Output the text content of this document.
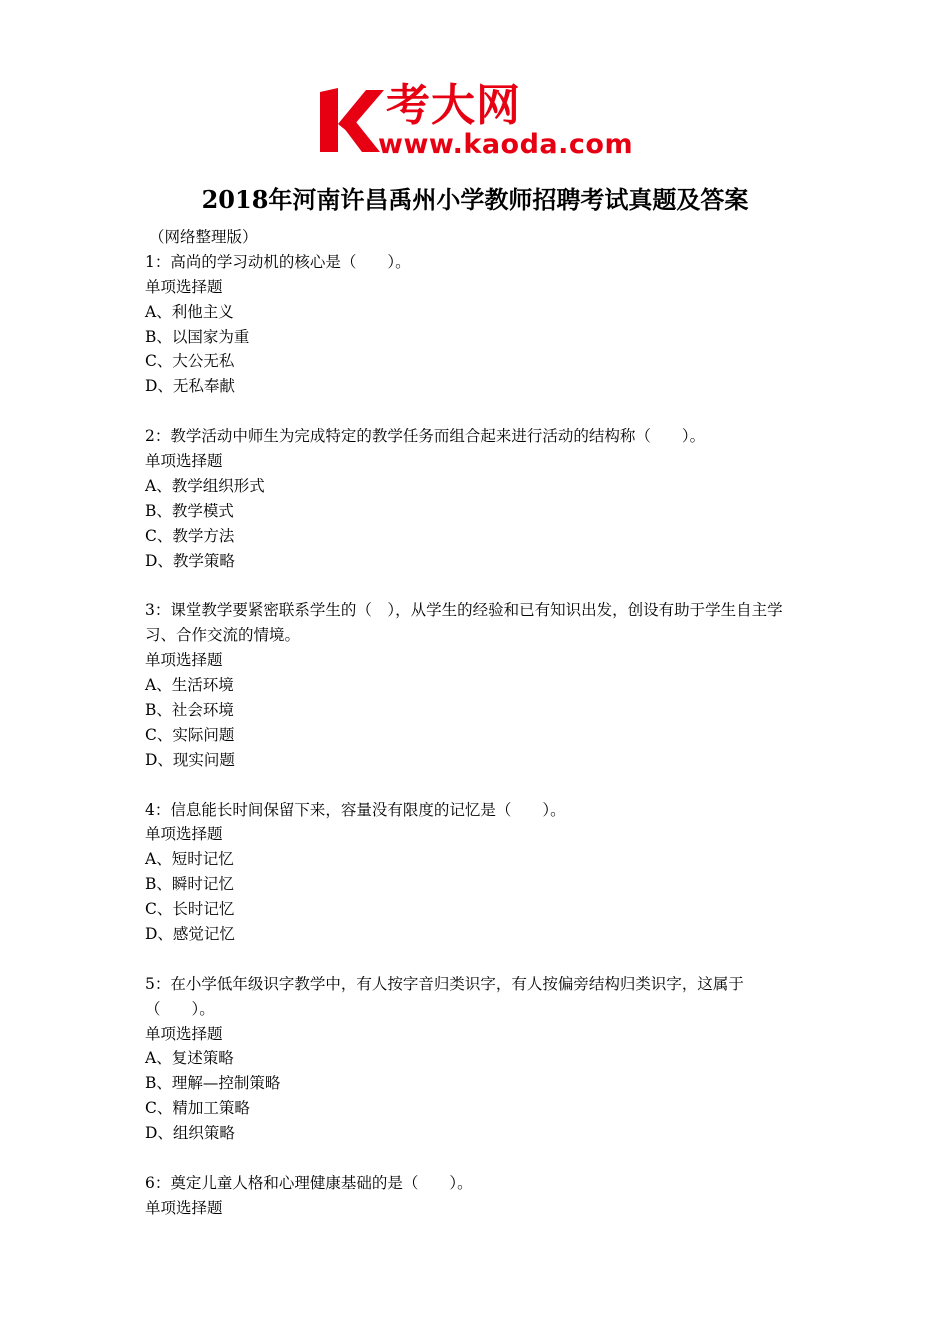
考大网
www.kaoda.com
2018年河南许昌禹州小学教师招聘考试真题及答案
（网络整理版）
1：高尚的学习动机的核心是（　　）。
单项选择题
A、利他主义
B、以国家为重
C、大公无私
D、无私奉献
2：教学活动中师生为完成特定的教学任务而组合起来进行活动的结构称（　　）。
单项选择题
A、教学组织形式
B、教学模式
C、教学方法
D、教学策略
3：课堂教学要紧密联系学生的（　），从学生的经验和已有知识出发，创设有助于学生自主学习、合作交流的情境。
单项选择题
A、生活环境
B、社会环境
C、实际问题
D、现实问题
4：信息能长时间保留下来，容量没有限度的记忆是（　　）。
单项选择题
A、短时记忆
B、瞬时记忆
C、长时记忆
D、感觉记忆
5：在小学低年级识字教学中，有人按字音归类识字，有人按偏旁结构归类识字，这属于（　　）。
单项选择题
A、复述策略
B、理解—控制策略
C、精加工策略
D、组织策略
6：奠定儿童人格和心理健康基础的是（　　）。
单项选择题
